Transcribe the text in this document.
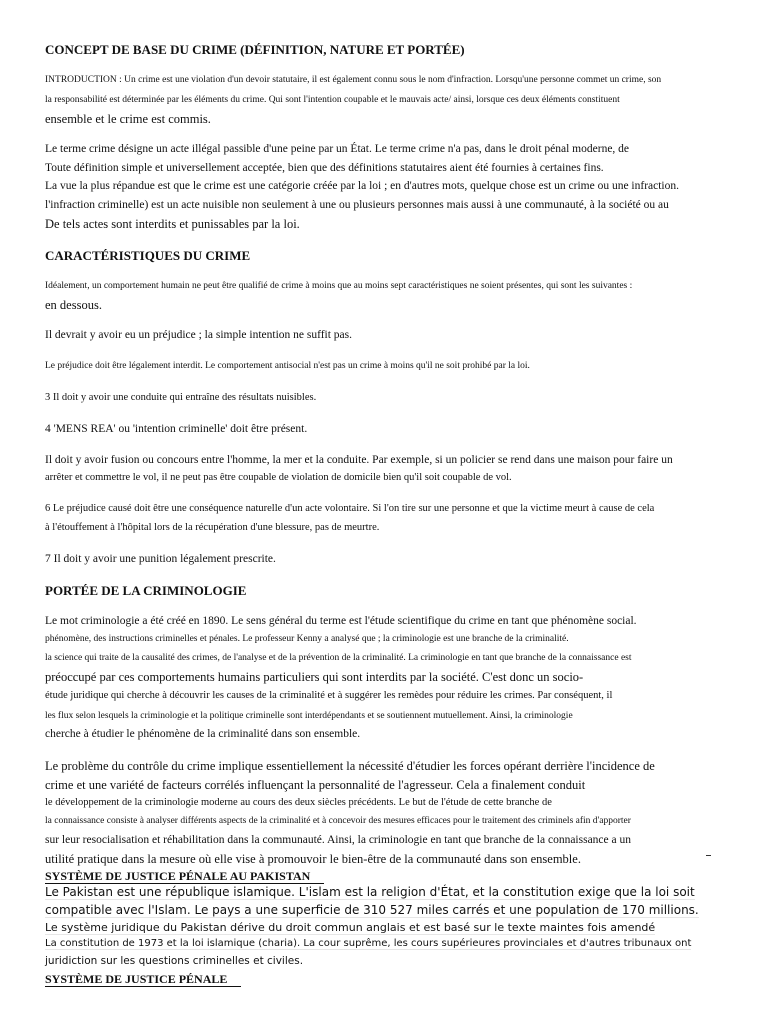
CONCEPT DE BASE DU CRIME (DÉFINITION, NATURE ET PORTÉE)
INTRODUCTION : Un crime est une violation d'un devoir statutaire, il est également connu sous le nom d'infraction. Lorsqu'une personne commet un crime, son
la responsabilité est déterminée par les éléments du crime. Qui sont l'intention coupable et le mauvais acte/ ainsi, lorsque ces deux éléments constituent
ensemble et le crime est commis.
Le terme crime désigne un acte illégal passible d'une peine par un État. Le terme crime n'a pas, dans le droit pénal moderne, de
Toute définition simple et universellement acceptée, bien que des définitions statutaires aient été fournies à certaines fins.
La vue la plus répandue est que le crime est une catégorie créée par la loi ; en d'autres mots, quelque chose est un crime ou une infraction.
l'infraction criminelle) est un acte nuisible non seulement à une ou plusieurs personnes mais aussi à une communauté, à la société ou au
De tels actes sont interdits et punissables par la loi.
CARACTÉRISTIQUES DU CRIME
Idéalement, un comportement humain ne peut être qualifié de crime à moins que au moins sept caractéristiques ne soient présentes, qui sont les suivantes :
en dessous.
Il devrait y avoir eu un préjudice ; la simple intention ne suffit pas.
Le préjudice doit être légalement interdit. Le comportement antisocial n'est pas un crime à moins qu'il ne soit prohibé par la loi.
3 Il doit y avoir une conduite qui entraîne des résultats nuisibles.
4 'MENS REA' ou 'intention criminelle' doit être présent.
Il doit y avoir fusion ou concours entre l'homme, la mer et la conduite. Par exemple, si un policier se rend dans une maison pour faire un
arrêter et commettre le vol, il ne peut pas être coupable de violation de domicile bien qu'il soit coupable de vol.
6 Le préjudice causé doit être une conséquence naturelle d'un acte volontaire. Si l'on tire sur une personne et que la victime meurt à cause de cela
à l'étouffement à l'hôpital lors de la récupération d'une blessure, pas de meurtre.
7 Il doit y avoir une punition légalement prescrite.
PORTÉE DE LA CRIMINOLOGIE
Le mot criminologie a été créé en 1890. Le sens général du terme est l'étude scientifique du crime en tant que phénomène social.
phénomène, des instructions criminelles et pénales. Le professeur Kenny a analysé que ; la criminologie est une branche de la criminalité.
la science qui traite de la causalité des crimes, de l'analyse et de la prévention de la criminalité. La criminologie en tant que branche de la connaissance est
préoccupé par ces comportements humains particuliers qui sont interdits par la société. C'est donc un socio-
étude juridique qui cherche à découvrir les causes de la criminalité et à suggérer les remèdes pour réduire les crimes. Par conséquent, il
les flux selon lesquels la criminologie et la politique criminelle sont interdépendants et se soutiennent mutuellement. Ainsi, la criminologie
cherche à étudier le phénomène de la criminalité dans son ensemble.
Le problème du contrôle du crime implique essentiellement la nécessité d'étudier les forces opérant derrière l'incidence de
crime et une variété de facteurs corrélés influençant la personnalité de l'agresseur. Cela a finalement conduit
le développement de la criminologie moderne au cours des deux siècles précédents. Le but de l'étude de cette branche de
la connaissance consiste à analyser différents aspects de la criminalité et à concevoir des mesures efficaces pour le traitement des criminels afin d'apporter
sur leur resocialisation et réhabilitation dans la communauté. Ainsi, la criminologie en tant que branche de la connaissance a un
utilité pratique dans la mesure où elle vise à promouvoir le bien-être de la communauté dans son ensemble.
SYSTÈME DE JUSTICE PÉNALE AU PAKISTAN
Le Pakistan est une république islamique. L'islam est la religion d'État, et la constitution exige que la loi soit
compatible avec l'Islam. Le pays a une superficie de 310 527 miles carrés et une population de 170 millions.
Le système juridique du Pakistan dérive du droit commun anglais et est basé sur le texte maintes fois amendé
La constitution de 1973 et la loi islamique (charia). La cour suprême, les cours supérieures provinciales et d'autres tribunaux ont
juridiction sur les questions criminelles et civiles.
SYSTÈME DE JUSTICE PÉNALE
